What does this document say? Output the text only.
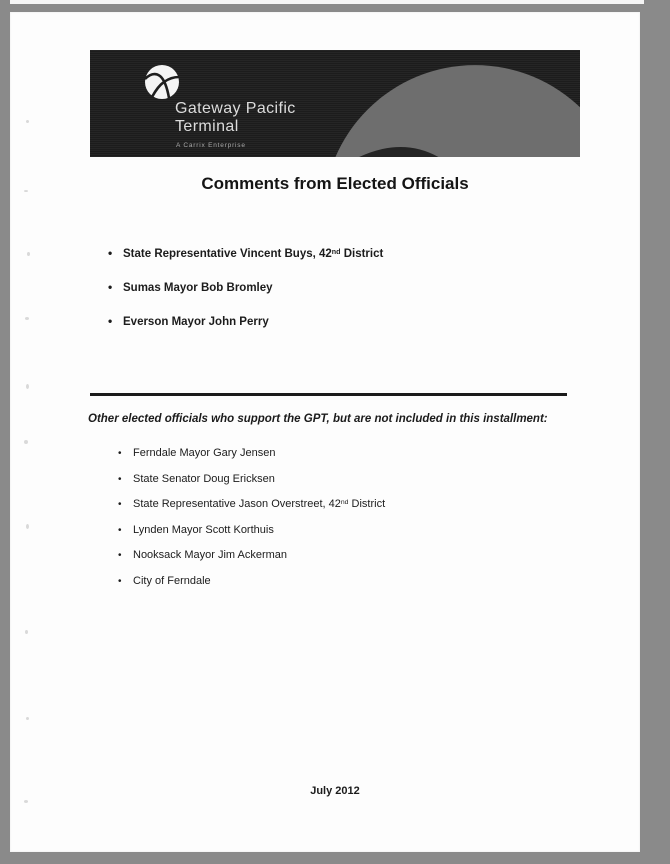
Gateway Pacific
Terminal
A Carrix Enterprise
Comments from Elected Officials
• State Representative Vincent Buys, 42nd District
• Sumas Mayor Bob Bromley
• Everson Mayor John Perry
Other elected officials who support the GPT, but are not included in this installment:
• Ferndale Mayor Gary Jensen
• State Senator Doug Ericksen
• State Representative Jason Overstreet, 42nd District
• Lynden Mayor Scott Korthuis
• Nooksack Mayor Jim Ackerman
• City of Ferndale
July 2012
